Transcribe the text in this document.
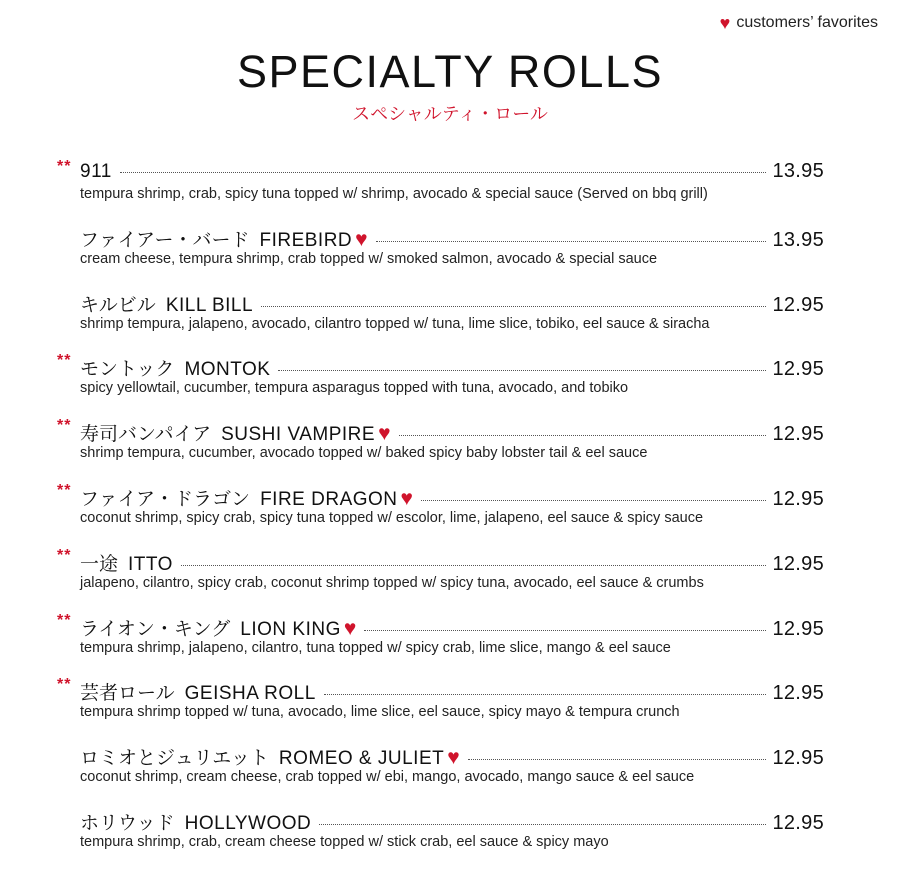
♥ customers’ favorites
SPECIALTY ROLLS
スペシャルティ・ロール
** 911	13.95
tempura shrimp, crab, spicy tuna topped w/ shrimp, avocado & special sauce (Served on bbq grill)
ファイアー・バード FIREBIRD ♥	13.95
cream cheese, tempura shrimp, crab topped w/ smoked salmon, avocado & special sauce
キルビル KILL BILL	12.95
shrimp tempura, jalapeno, avocado, cilantro topped w/ tuna, lime slice, tobiko, eel sauce & siracha
** モントック MONTOK	12.95
spicy yellowtail, cucumber, tempura asparagus topped with tuna, avocado, and tobiko
** 寿司バンパイア SUSHI VAMPIRE ♥	12.95
shrimp tempura, cucumber, avocado topped w/ baked spicy baby lobster tail & eel sauce
** ファイア・ドラゴン FIRE DRAGON ♥	12.95
coconut shrimp, spicy crab, spicy tuna topped w/ escolor, lime, jalapeno, eel sauce & spicy sauce
** 一途 ITTO	12.95
jalapeno, cilantro, spicy crab, coconut shrimp topped w/ spicy tuna, avocado, eel sauce & crumbs
** ライオン・キング LION KING ♥	12.95
tempura shrimp, jalapeno, cilantro, tuna topped w/ spicy crab, lime slice, mango & eel sauce
** 芸者ロール GEISHA ROLL	12.95
tempura shrimp topped w/ tuna, avocado, lime slice, eel sauce, spicy mayo & tempura crunch
ロミオとジュリエット ROMEO & JULIET ♥	12.95
coconut shrimp, cream cheese, crab topped w/ ebi, mango, avocado, mango sauce & eel sauce
ホリウッド HOLLYWOOD	12.95
tempura shrimp, crab, cream cheese topped w/ stick crab, eel sauce & spicy mayo
